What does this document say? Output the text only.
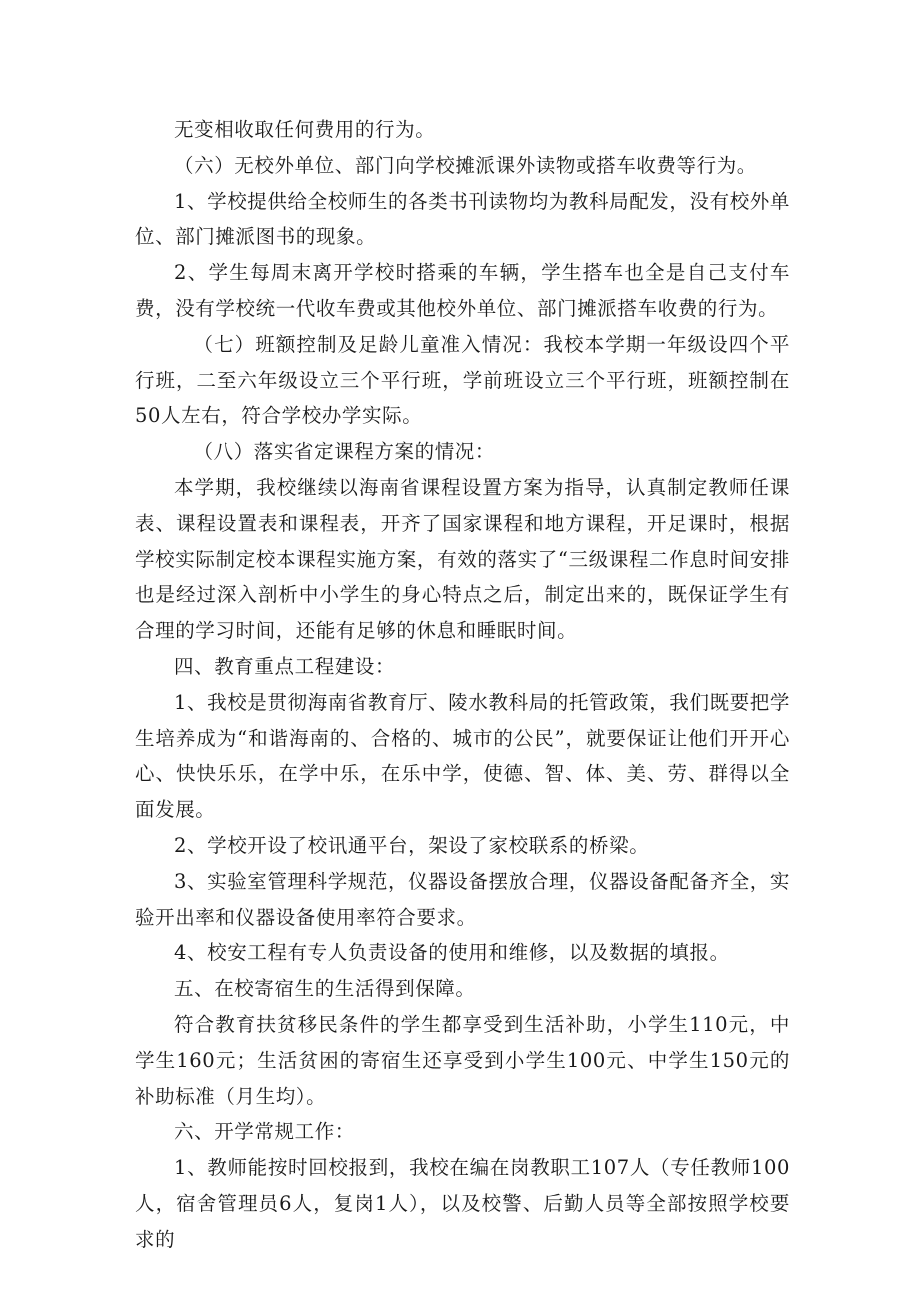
无变相收取任何费用的行为。

（六）无校外单位、部门向学校摊派课外读物或搭车收费等行为。

1、学校提供给全校师生的各类书刊读物均为教科局配发，没有校外单位、部门摊派图书的现象。

2、学生每周末离开学校时搭乘的车辆，学生搭车也全是自己支付车费，没有学校统一代收车费或其他校外单位、部门摊派搭车收费的行为。

（七）班额控制及足龄儿童准入情况：我校本学期一年级设四个平行班，二至六年级设立三个平行班，学前班设立三个平行班，班额控制在50人左右，符合学校办学实际。

（八）落实省定课程方案的情况：

本学期，我校继续以海南省课程设置方案为指导，认真制定教师任课表、课程设置表和课程表，开齐了国家课程和地方课程，开足课时，根据学校实际制定校本课程实施方案，有效的落实了“三级课程二作息时间安排也是经过深入剖析中小学生的身心特点之后，制定出来的，既保证学生有合理的学习时间，还能有足够的休息和睡眠时间。

四、教育重点工程建设：

1、我校是贯彻海南省教育厅、陵水教科局的托管政策，我们既要把学生培养成为“和谐海南的、合格的、城市的公民”，就要保证让他们开开心心、快快乐乐，在学中乐，在乐中学，使德、智、体、美、劳、群得以全面发展。

2、学校开设了校讯通平台，架设了家校联系的桥梁。

3、实验室管理科学规范，仪器设备摆放合理，仪器设备配备齐全，实验开出率和仪器设备使用率符合要求。

4、校安工程有专人负责设备的使用和维修，以及数据的填报。

五、在校寄宿生的生活得到保障。

符合教育扶贫移民条件的学生都享受到生活补助，小学生110元，中学生160元；生活贫困的寄宿生还享受到小学生100元、中学生150元的补助标准（月生均）。

六、开学常规工作：

1、教师能按时回校报到，我校在编在岗教职工107人（专任教师100人，宿舍管理员6人，复岗1人），以及校警、后勤人员等全部按照学校要求的
